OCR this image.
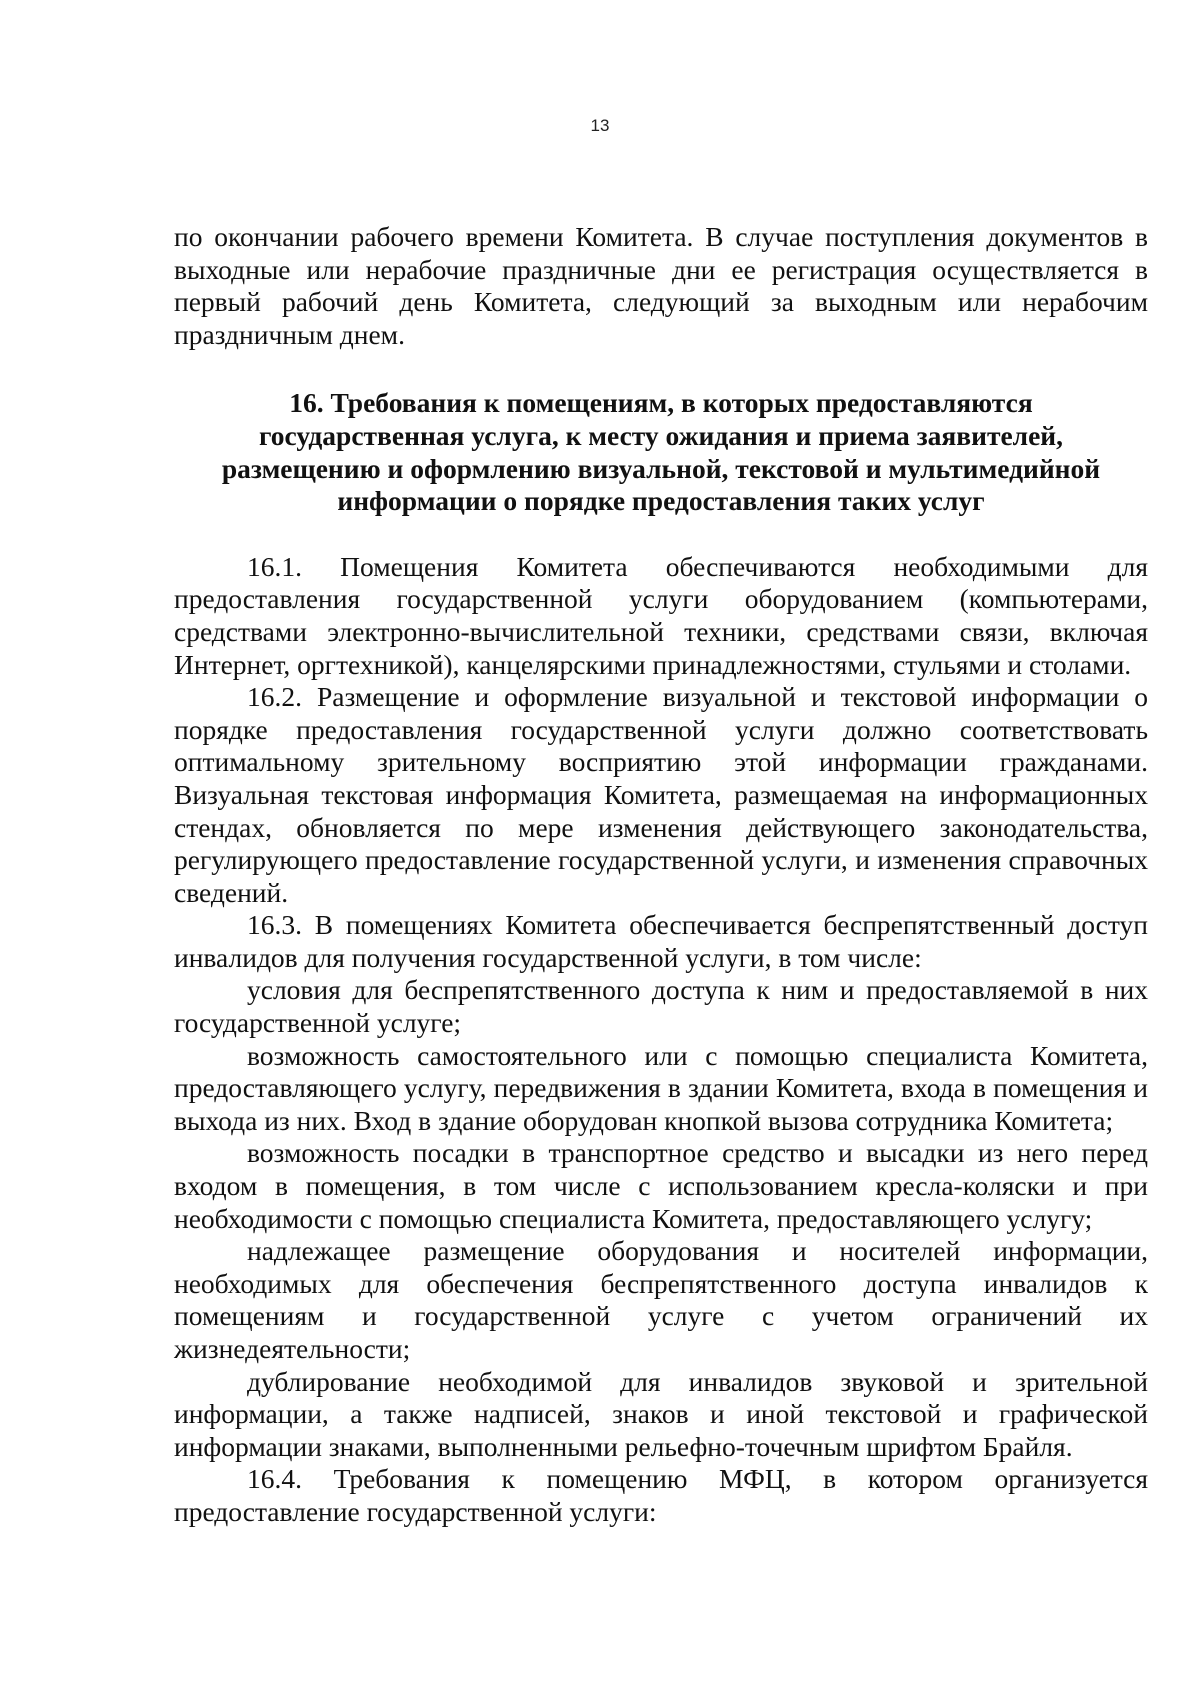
13

по окончании рабочего времени Комитета. В случае поступления документов в выходные или нерабочие праздничные дни ее регистрация осуществляется в первый рабочий день Комитета, следующий за выходным или нерабочим праздничным днем.

16. Требования к помещениям, в которых предоставляются
государственная услуга, к месту ожидания и приема заявителей,
размещению и оформлению визуальной, текстовой и мультимедийной
информации о порядке предоставления таких услуг

16.1. Помещения Комитета обеспечиваются необходимыми для предоставления государственной услуги оборудованием (компьютерами, средствами электронно-вычислительной техники, средствами связи, включая Интернет, оргтехникой), канцелярскими принадлежностями, стульями и столами.

16.2. Размещение и оформление визуальной и текстовой информации о порядке предоставления государственной услуги должно соответствовать оптимальному зрительному восприятию этой информации гражданами. Визуальная текстовая информация Комитета, размещаемая на информационных стендах, обновляется по мере изменения действующего законодательства, регулирующего предоставление государственной услуги, и изменения справочных сведений.

16.3. В помещениях Комитета обеспечивается беспрепятственный доступ инвалидов для получения государственной услуги, в том числе:

условия для беспрепятственного доступа к ним и предоставляемой в них государственной услуге;

возможность самостоятельного или с помощью специалиста Комитета, предоставляющего услугу, передвижения в здании Комитета, входа в помещения и выхода из них. Вход в здание оборудован кнопкой вызова сотрудника Комитета;

возможность посадки в транспортное средство и высадки из него перед входом в помещения, в том числе с использованием кресла-коляски и при необходимости с помощью специалиста Комитета, предоставляющего услугу;

надлежащее размещение оборудования и носителей информации, необходимых для обеспечения беспрепятственного доступа инвалидов к помещениям и государственной услуге с учетом ограничений их жизнедеятельности;

дублирование необходимой для инвалидов звуковой и зрительной информации, а также надписей, знаков и иной текстовой и графической информации знаками, выполненными рельефно-точечным шрифтом Брайля.

16.4. Требования к помещению МФЦ, в котором организуется предоставление государственной услуги:
